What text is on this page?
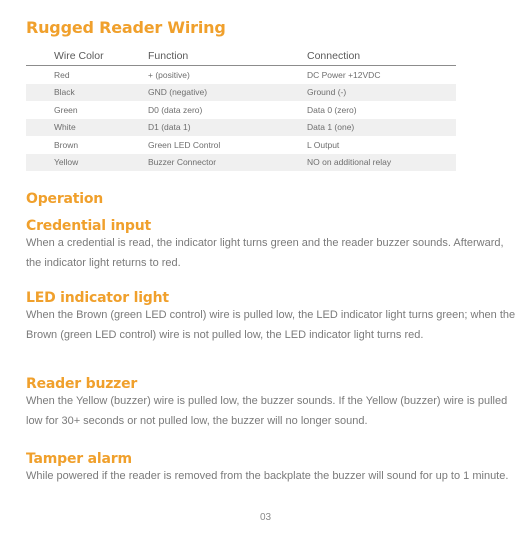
Rugged Reader Wiring
Wire Color	Function	Connection
Red	+ (positive)	DC Power +12VDC
Black	GND (negative)	Ground (-)
Green	D0 (data zero)	Data 0 (zero)
White	D1 (data 1)	Data 1 (one)
Brown	Green LED Control	L Output
Yellow	Buzzer Connector	NO on additional relay
Operation
Credential input

When a credential is read, the indicator light turns green and the reader buzzer sounds. Afterward, the indicator light returns to red.

LED indicator light

When the Brown (green LED control) wire is pulled low, the LED indicator light turns green; when the Brown (green LED control) wire is not pulled low, the LED indicator light turns red.

Reader buzzer

When the Yellow (buzzer) wire is pulled low, the buzzer sounds. If the Yellow (buzzer) wire is pulled low for 30+ seconds or not pulled low, the buzzer will no longer sound.

Tamper alarm

While powered if the reader is removed from the backplate the buzzer will sound for up to 1 minute.

03
